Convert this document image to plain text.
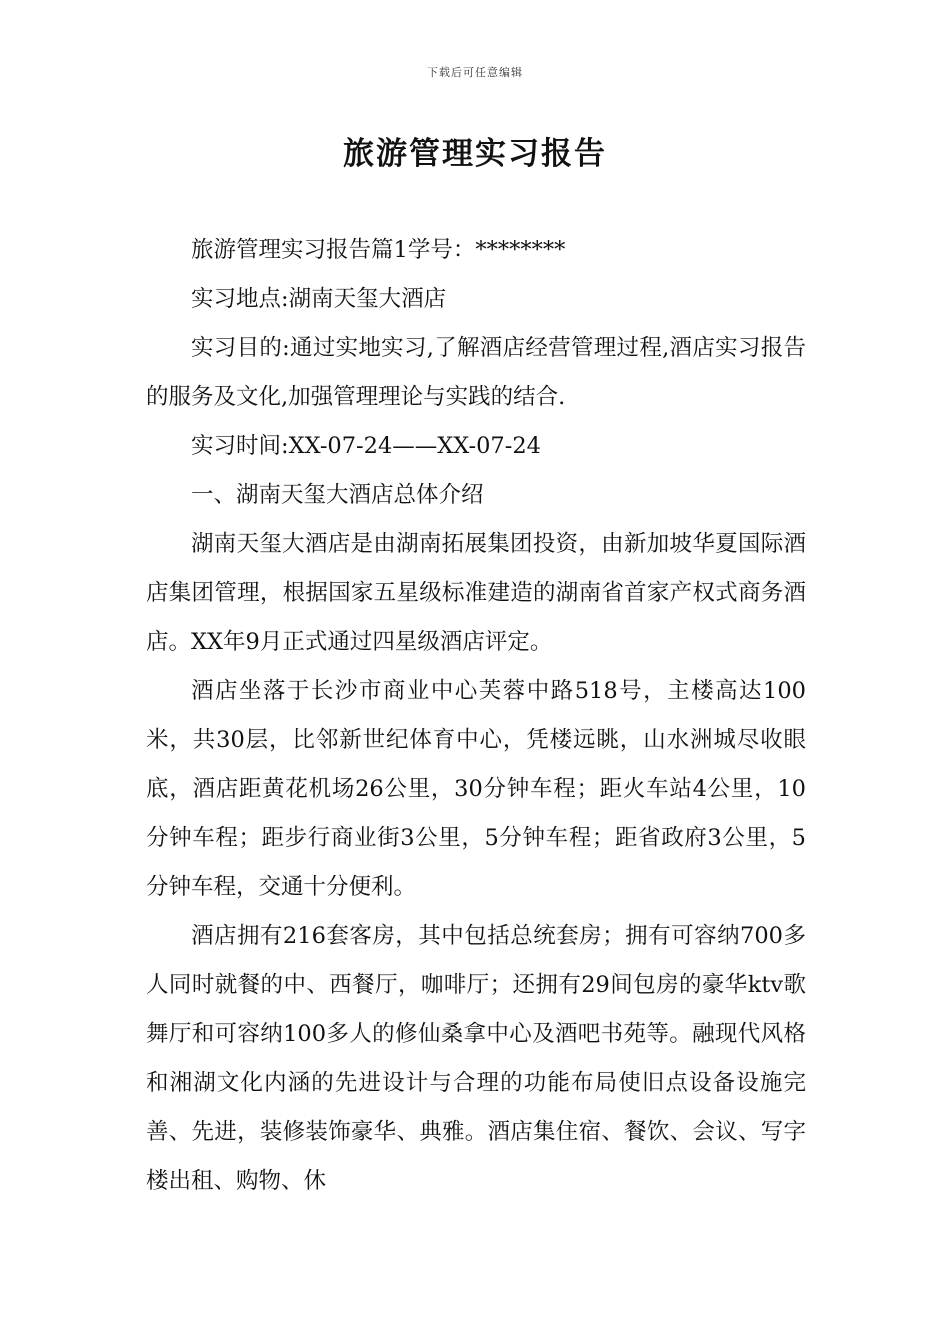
下载后可任意编辑
旅游管理实习报告

旅游管理实习报告篇1学号：********

实习地点:湖南天玺大酒店

实习目的:通过实地实习,了解酒店经营管理过程,酒店实习报告的服务及文化,加强管理理论与实践的结合.

实习时间:XX-07-24——XX-07-24

一、湖南天玺大酒店总体介绍

湖南天玺大酒店是由湖南拓展集团投资，由新加坡华夏国际酒店集团管理，根据国家五星级标准建造的湖南省首家产权式商务酒店。XX年9月正式通过四星级酒店评定。

酒店坐落于长沙市商业中心芙蓉中路518号，主楼高达100米，共30层，比邻新世纪体育中心，凭楼远眺，山水洲城尽收眼底，酒店距黄花机场26公里，30分钟车程；距火车站4公里，10分钟车程；距步行商业街3公里，5分钟车程；距省政府3公里，5分钟车程，交通十分便利。

酒店拥有216套客房，其中包括总统套房；拥有可容纳700多人同时就餐的中、西餐厅，咖啡厅；还拥有29间包房的豪华ktv歌舞厅和可容纳100多人的修仙桑拿中心及酒吧书苑等。融现代风格和湘湖文化内涵的先进设计与合理的功能布局使旧点设备设施完善、先进，装修装饰豪华、典雅。酒店集住宿、餐饮、会议、写字楼出租、购物、休
